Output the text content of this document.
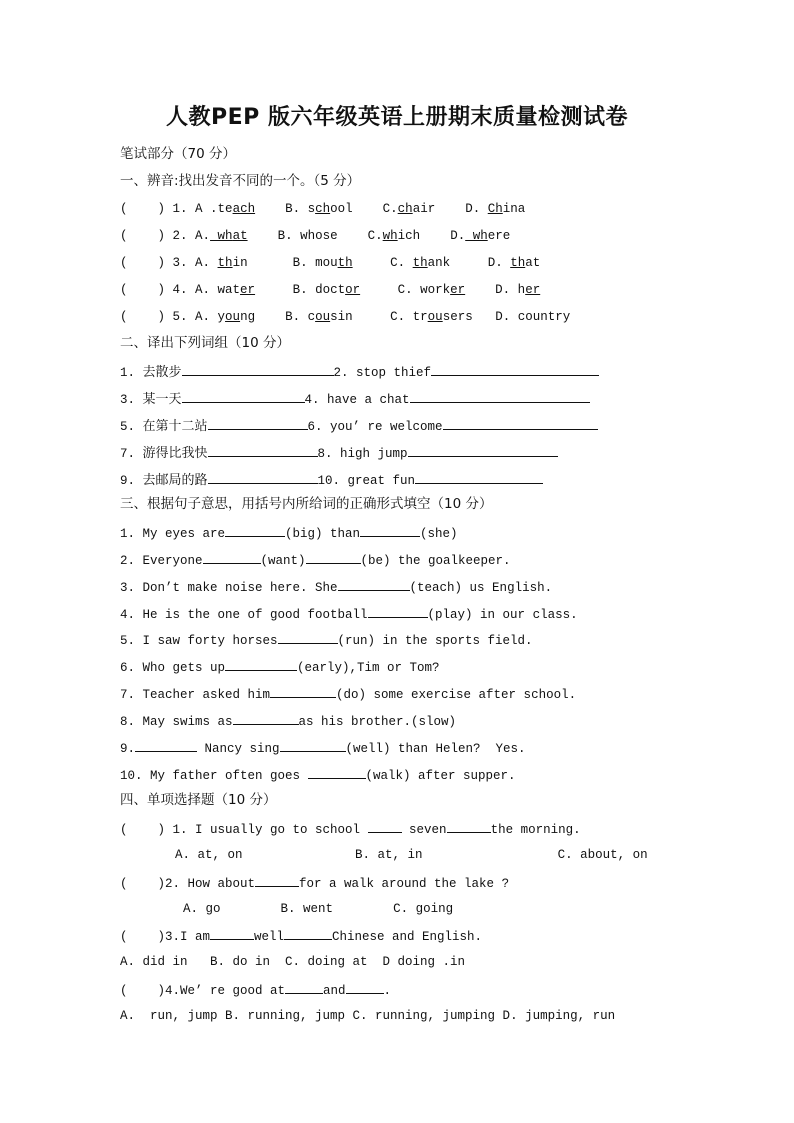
人教PEP 版六年级英语上册期末质量检测试卷
笔试部分（70 分）
一、辨音:找出发音不同的一个。（5 分）
(    ) 1. A .teach B. school C.chair D. China
(    ) 2. A. what B. whose C.which D. where
(    ) 3. A. thin	B. mouth	C. thank	D. that
(    ) 4. A. water	B. doctor	C. worker D. her
(    ) 5. A. young B. cousin	C. trousers D. country
二、译出下列词组（10 分）
1. 去散步	2. stop thief
3. 某一天	4. have a chat
5. 在第十二站	6. you’ re welcome
7. 游得比我快	8. high jump
9. 去邮局的路	10. great fun
三、根据句子意思，用括号内所给词的正确形式填空（10 分）
1. My eyes are	(big) than	(she)
2. Everyone	(want)	(be) the goalkeeper.
3. Don’t make noise here. She	(teach) us English.
4. He is the one of good football	(play) in our class.
5. I saw forty horses	(run) in the sports field.
6. Who gets up	(early),Tim or Tom?
7. Teacher asked him	(do) some exercise after school.
8. May swims as	as his brother.(slow)
9.	Nancy sing	(well) than Helen?  Yes.
10. My father often goes	(walk) after supper.
四、单项选择题（10 分）
(    ) 1. I usually go to school	seven	the morning.
A. at, on	B. at, in	C. about, on
(    )2. How about	for a walk around the lake ?
A. go	B. went	C. going
(    )3.I am	well	Chinese and English.
A. did in   B. do in  C. doing at  D doing .in
(    )4.We’ re good at	and	.
A.  run, jump B. running, jump C. running, jumping D. jumping, run
